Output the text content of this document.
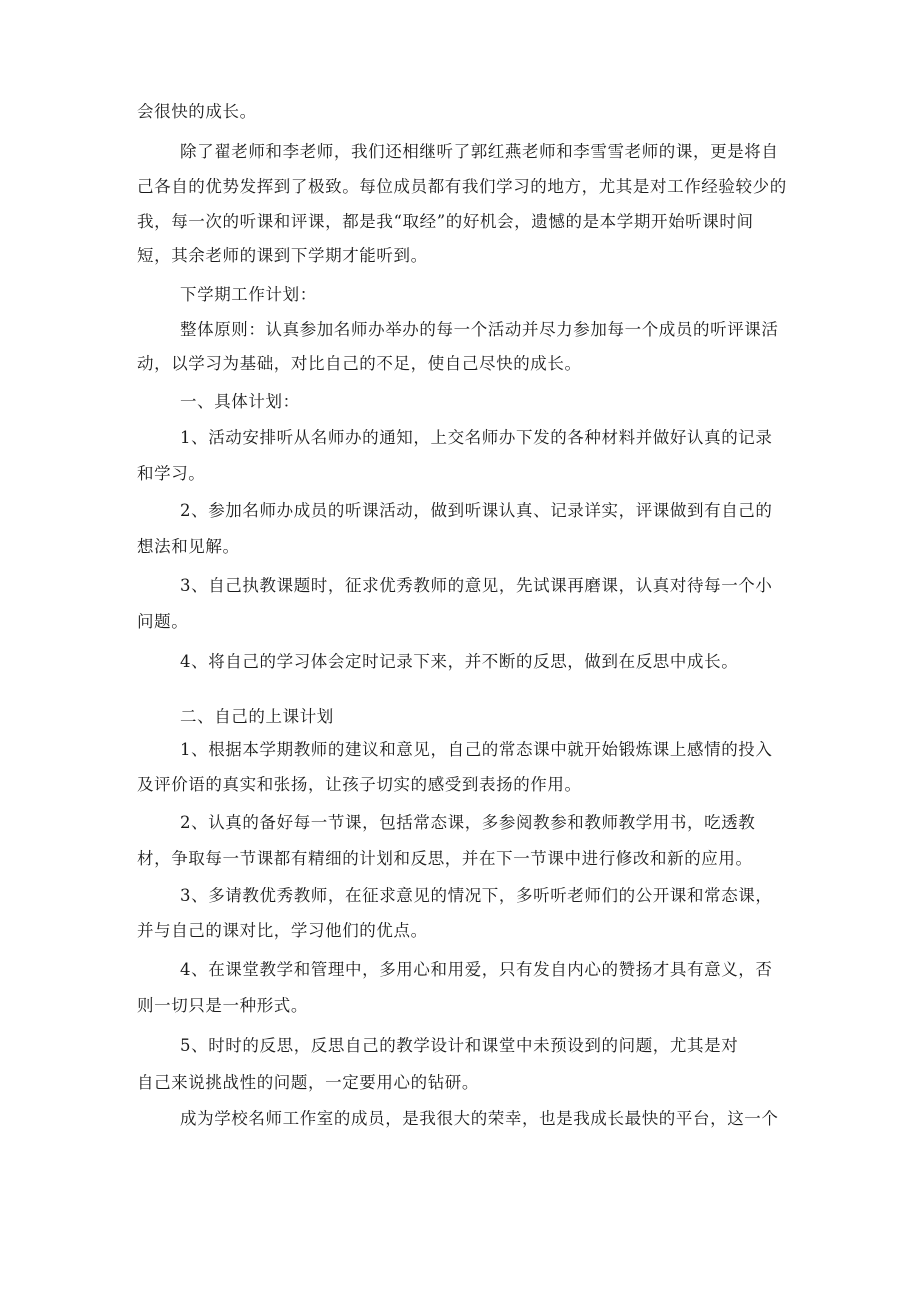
会很快的成长。
除了翟老师和李老师，我们还相继听了郭红燕老师和李雪雪老师的课，更是将自
己各自的优势发挥到了极致。每位成员都有我们学习的地方，尤其是对工作经验较少的
我，每一次的听课和评课，都是我“取经”的好机会，遗憾的是本学期开始听课时间
短，其余老师的课到下学期才能听到。
下学期工作计划：
整体原则：认真参加名师办举办的每一个活动并尽力参加每一个成员的听评课活
动，以学习为基础，对比自己的不足，使自己尽快的成长。
一、具体计划：
1、活动安排听从名师办的通知，上交名师办下发的各种材料并做好认真的记录
和学习。
2、参加名师办成员的听课活动，做到听课认真、记录详实，评课做到有自己的
想法和见解。
3、自己执教课题时，征求优秀教师的意见，先试课再磨课，认真对待每一个小
问题。
4、将自己的学习体会定时记录下来，并不断的反思，做到在反思中成长。
二、自己的上课计划
1、根据本学期教师的建议和意见，自己的常态课中就开始锻炼课上感情的投入
及评价语的真实和张扬，让孩子切实的感受到表扬的作用。
2、认真的备好每一节课，包括常态课，多参阅教参和教师教学用书，吃透教
材，争取每一节课都有精细的计划和反思，并在下一节课中进行修改和新的应用。
3、多请教优秀教师，在征求意见的情况下，多听听老师们的公开课和常态课，
并与自己的课对比，学习他们的优点。
4、在课堂教学和管理中，多用心和用爱，只有发自内心的赞扬才具有意义，否
则一切只是一种形式。
5、时时的反思，反思自己的教学设计和课堂中未预设到的问题，尤其是对
自己来说挑战性的问题，一定要用心的钻研。
成为学校名师工作室的成员，是我很大的荣幸，也是我成长最快的平台，这一个
